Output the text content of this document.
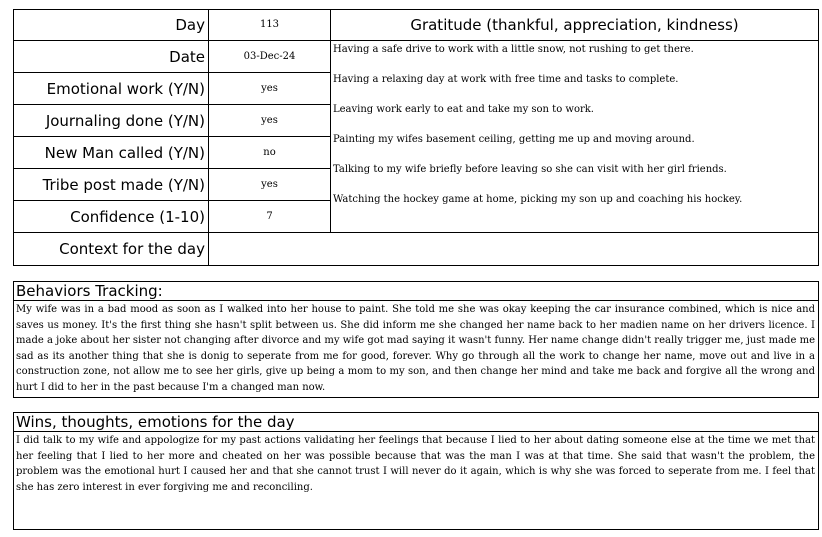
Day	113	Gratitude (thankful, appreciation, kindness)
Date	03-Dec-24
Emotional work (Y/N)	yes
Journaling done (Y/N)	yes
New Man called (Y/N)	no
Tribe post made (Y/N)	yes
Confidence (1-10)	7
Having a safe drive to work with a little snow, not rushing to get there.
Having a relaxing day at work with free time and tasks to complete.
Leaving work early to eat and take my son to work.
Painting my wifes basement ceiling, getting me up and moving around.
Talking to my wife briefly before leaving so she can visit with her girl friends.
Watching the hockey game at home, picking my son up and coaching his hockey.
Context for the day
Behaviors Tracking:
My wife was in a bad mood as soon as I walked into her house to paint. She told me she was okay keeping the car insurance combined, which is nice and saves us money. It's the first thing she hasn't split between us. She did inform me she changed her name back to her madien name on her drivers licence. I made a joke about her sister not changing after divorce and my wife got mad saying it wasn't funny. Her name change didn't really trigger me, just made me sad as its another thing that she is donig to seperate from me for good, forever. Why go through all the work to change her name, move out and live in a construction zone, not allow me to see her girls, give up being a mom to my son, and then change her mind and take me back and forgive all the wrong and hurt I did to her in the past because I'm a changed man now.
Wins, thoughts, emotions for the day
I did talk to my wife and appologize for my past actions validating her feelings that because I lied to her about dating someone else at the time we met that her feeling that I lied to her more and cheated on her was possible because that was the man I was at that time. She said that wasn't the problem, the problem was the emotional hurt I caused her and that she cannot trust I will never do it again, which is why she was forced to seperate from me. I feel that she has zero interest in ever forgiving me and reconciling.
